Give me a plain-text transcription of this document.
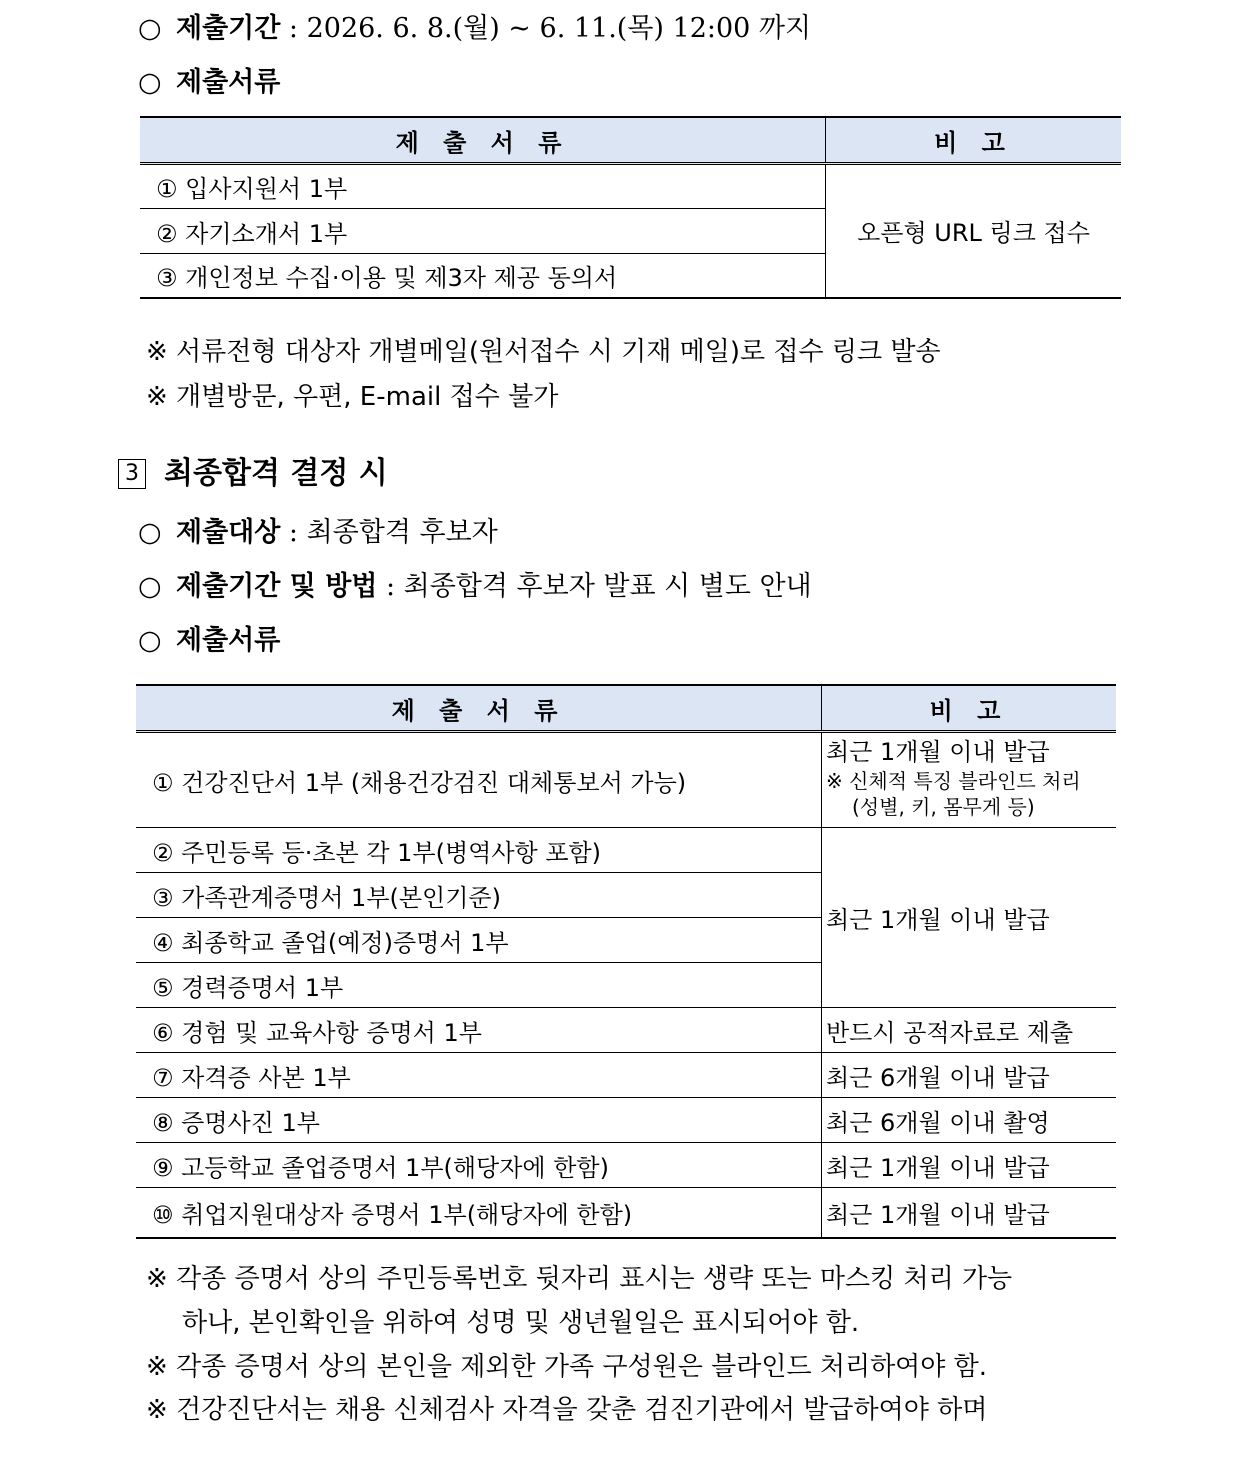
○ 제출기간 : 2026. 6. 8.(월) ~ 6. 11.(목) 12:00 까지
○ 제출서류
제 출 서 류	비 고
① 입사지원서 1부	오픈형 URL 링크 접수
② 자기소개서 1부	
③ 개인정보 수집·이용 및 제3자 제공 동의서	
※ 서류전형 대상자 개별메일(원서접수 시 기재 메일)로 접수 링크 발송
※ 개별방문, 우편, E-mail 접수 불가
3 최종합격 결정 시
○ 제출대상 : 최종합격 후보자
○ 제출기간 및 방법 : 최종합격 후보자 발표 시 별도 안내
○ 제출서류
제 출 서 류	비 고
① 건강진단서 1부 (채용건강검진 대체통보서 가능)	최근 1개월 이내 발급
※ 신체적 특징 블라인드 처리
(성별, 키, 몸무게 등)

② 주민등록 등·초본 각 1부(병역사항 포함)	최근 1개월 이내 발급
③ 가족관계증명서 1부(본인기준)	
④ 최종학교 졸업(예정)증명서 1부	
⑤ 경력증명서 1부	
⑥ 경험 및 교육사항 증명서 1부	반드시 공적자료로 제출
⑦ 자격증 사본 1부	최근 6개월 이내 발급
⑧ 증명사진 1부	최근 6개월 이내 촬영
⑨ 고등학교 졸업증명서 1부(해당자에 한함)	최근 1개월 이내 발급
⑩ 취업지원대상자 증명서 1부(해당자에 한함)	최근 1개월 이내 발급
※ 각종 증명서 상의 주민등록번호 뒷자리 표시는 생략 또는 마스킹 처리 가능
하나, 본인확인을 위하여 성명 및 생년월일은 표시되어야 함.
※ 각종 증명서 상의 본인을 제외한 가족 구성원은 블라인드 처리하여야 함.
※ 건강진단서는 채용 신체검사 자격을 갖춘 검진기관에서 발급하여야 하며
